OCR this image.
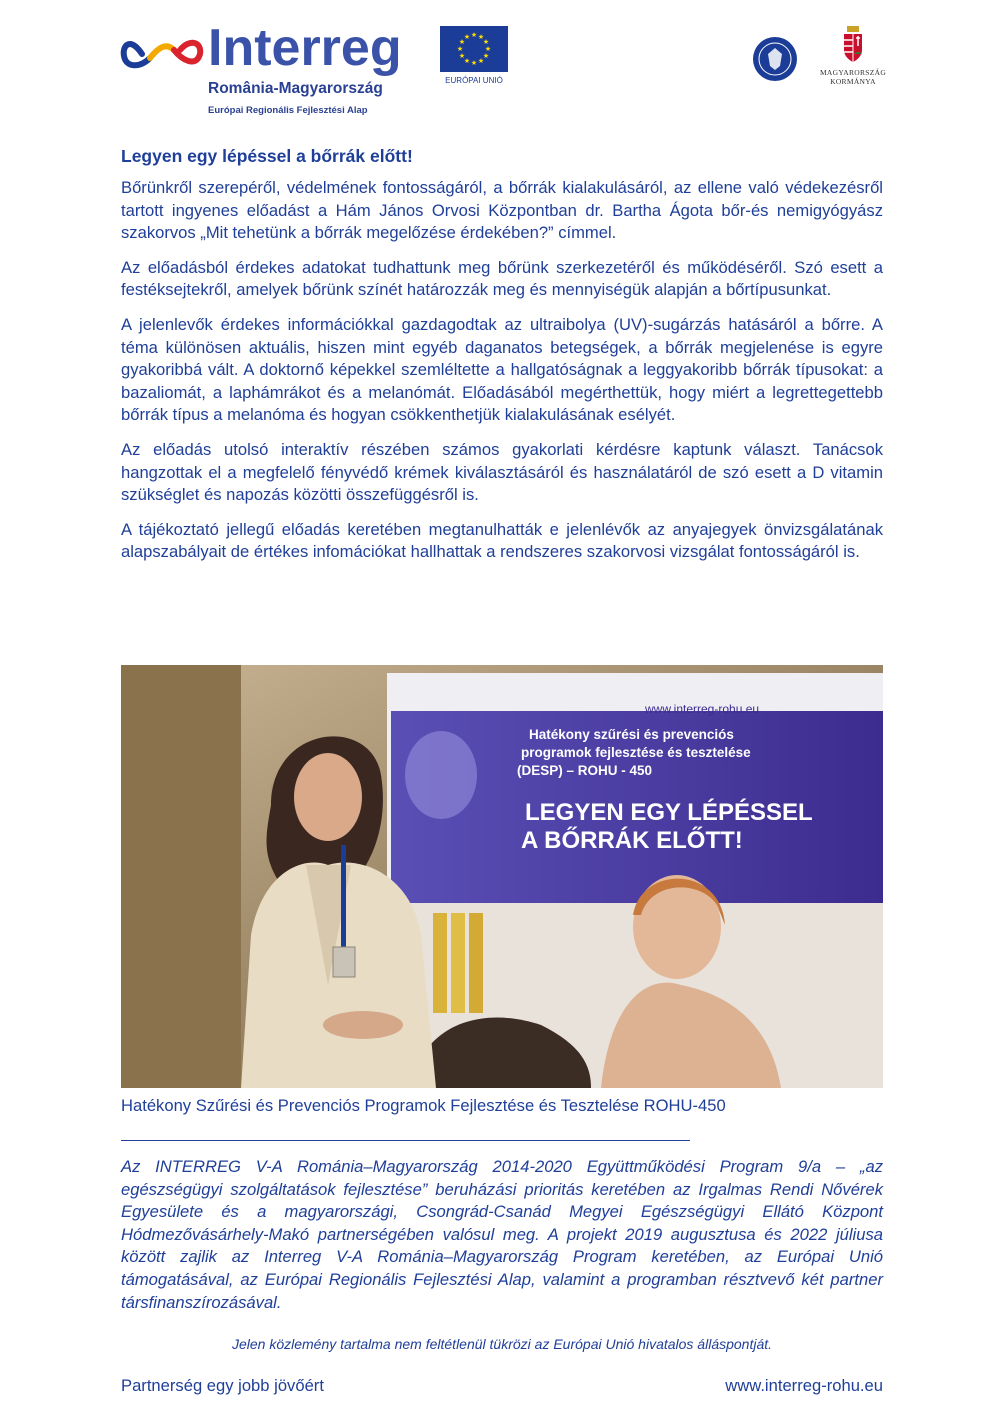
Interreg
România-Magyarország
Európai Regionális Fejlesztési Alap
★ ★
★
★
★
★
★
★
★
★
★
★
EURÓPAI UNIÓ
MAGYARORSZÁG
KORMÁNYA
Legyen egy lépéssel a bőrrák előtt!

Bőrünkről szerepéről, védelmének fontosságáról, a bőrrák kialakulásáról, az ellene való védekezésről tartott ingyenes előadást a Hám János Orvosi Központban dr. Bartha Ágota bőr-és nemigyógyász szakorvos „Mit tehetünk a bőrrák megelőzése érdekében?” címmel.

Az előadásból érdekes adatokat tudhattunk meg bőrünk szerkezetéről és működéséről. Szó esett a festéksejtekről, amelyek bőrünk színét határozzák meg és mennyiségük alapján a bőrtípusunkat.

A jelenlevők érdekes információkkal gazdagodtak az ultraibolya (UV)-sugárzás hatásáról a bőrre. A téma különösen aktuális, hiszen mint egyéb daganatos betegségek, a bőrrák megjelenése is egyre gyakoribbá vált. A doktornő képekkel szemléltette a hallgatóságnak a leggyakoribb bőrrák típusokat: a bazaliomát, a laphámrákot és a melanómát. Előadásából megérthettük, hogy miért a legrettegettebb bőrrák típus a melanóma és hogyan csökkenthetjük kialakulásának esélyét.

Az előadás utolsó interaktív részében számos gyakorlati kérdésre kaptunk választ. Tanácsok hangzottak el a megfelelő fényvédő krémek kiválasztásáról és használatáról de szó esett a D vitamin szükséglet és napozás közötti összefüggésről is.

A tájékoztató jellegű előadás keretében megtanulhatták e jelenlévők az anyajegyek önvizsgálatának alapszabályait de értékes infomációkat hallhattak a rendszeres szakorvosi vizsgálat fontosságáról is.

www.interreg-rohu.eu
Hatékony szűrési és prevenciós
programok fejlesztése és tesztelése
(DESP) – ROHU - 450
LEGYEN EGY LÉPÉSSEL
A BŐRRÁK ELŐTT!
Hatékony Szűrési és Prevenciós Programok Fejlesztése és Tesztelése ROHU-450
Az INTERREG V-A Románia–Magyarország 2014-2020 Együttműködési Program 9/a – „az egészségügyi szolgáltatások fejlesztése” beruházási prioritás keretében az Irgalmas Rendi Nővérek Egyesülete és a magyarországi, Csongrád-Csanád Megyei Egészségügyi Ellátó Központ Hódmezővásárhely-Makó partnerségében valósul meg. A projekt 2019 augusztusa és 2022 júliusa között zajlik az Interreg V-A Románia–Magyarország Program keretében, az Európai Unió támogatásával, az Európai Regionális Fejlesztési Alap, valamint a programban résztvevő két partner társfinanszírozásával.
Jelen közlemény tartalma nem feltétlenül tükrözi az Európai Unió hivatalos álláspontját.
Partnerség egy jobb jövőért	www.interreg-rohu.eu
